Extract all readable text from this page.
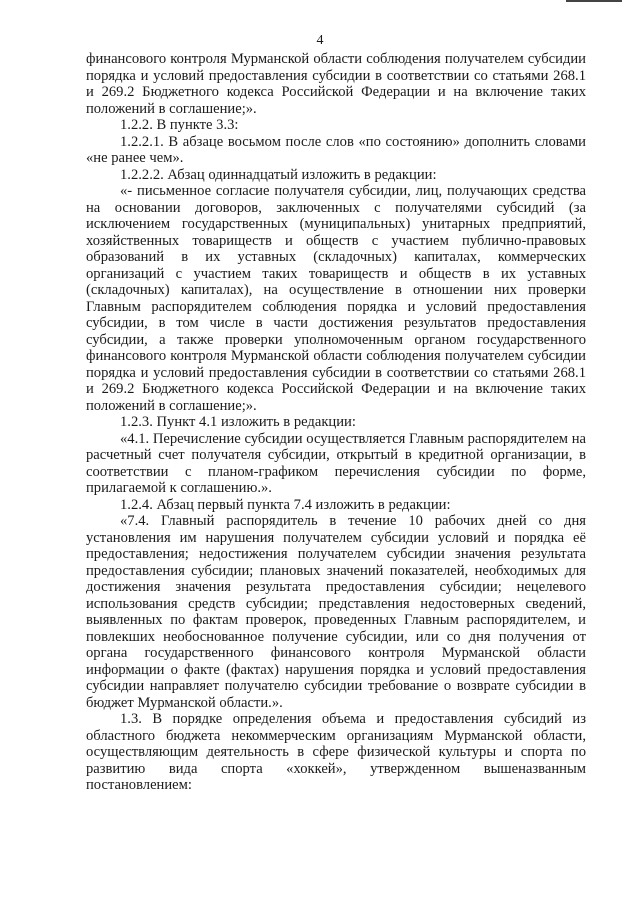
4

финансового контроля Мурманской области соблюдения получателем субсидии порядка и условий предоставления субсидии в соответствии со статьями 268.1 и 269.2 Бюджетного кодекса Российской Федерации и на включение таких положений в соглашение;».

1.2.2. В пункте 3.3:

1.2.2.1. В абзаце восьмом после слов «по состоянию» дополнить словами «не ранее чем».

1.2.2.2. Абзац одиннадцатый изложить в редакции:

«- письменное согласие получателя субсидии, лиц, получающих средства на основании договоров, заключенных с получателями субсидий (за исключением государственных (муниципальных) унитарных предприятий, хозяйственных товариществ и обществ с участием публично-правовых образований в их уставных (складочных) капиталах, коммерческих организаций с участием таких товариществ и обществ в их уставных (складочных) капиталах), на осуществление в отношении них проверки Главным распорядителем соблюдения порядка и условий предоставления субсидии, в том числе в части достижения результатов предоставления субсидии, а также проверки уполномоченным органом государственного финансового контроля Мурманской области соблюдения получателем субсидии порядка и условий предоставления субсидии в соответствии со статьями 268.1 и 269.2 Бюджетного кодекса Российской Федерации и на включение таких положений в соглашение;».

1.2.3. Пункт 4.1 изложить в редакции:

«4.1. Перечисление субсидии осуществляется Главным распорядителем на расчетный счет получателя субсидии, открытый в кредитной организации, в соответствии с планом-графиком перечисления субсидии по форме, прилагаемой к соглашению.».

1.2.4. Абзац первый пункта 7.4 изложить в редакции:

«7.4. Главный распорядитель в течение 10 рабочих дней со дня установления им нарушения получателем субсидии условий и порядка её предоставления; недостижения получателем субсидии значения результата предоставления субсидии; плановых значений показателей, необходимых для достижения значения результата предоставления субсидии; нецелевого использования средств субсидии; представления недостоверных сведений, выявленных по фактам проверок, проведенных Главным распорядителем, и повлекших необоснованное получение субсидии, или со дня получения от органа государственного финансового контроля Мурманской области информации о факте (фактах) нарушения порядка и условий предоставления субсидии направляет получателю субсидии требование о возврате субсидии в бюджет Мурманской области.».

1.3. В порядке определения объема и предоставления субсидий из областного бюджета некоммерческим организациям Мурманской области, осуществляющим деятельность в сфере физической культуры и спорта по развитию вида спорта «хоккей», утвержденном вышеназванным постановлением:
